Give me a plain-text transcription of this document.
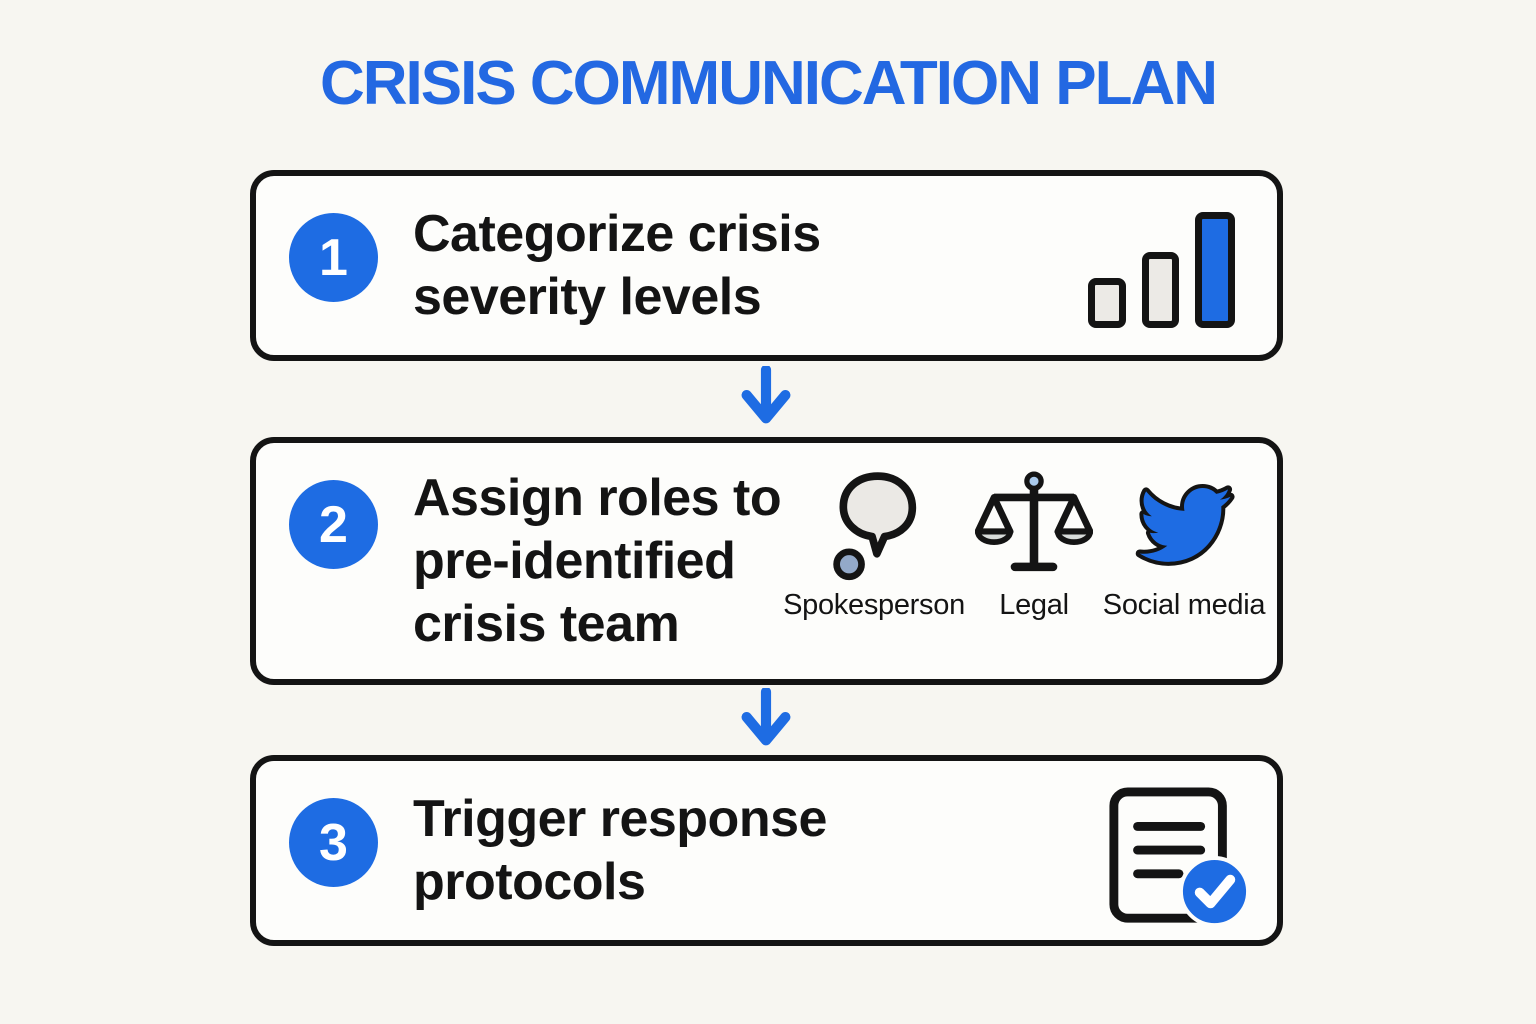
CRISIS COMMUNICATION PLAN
1 Categorize crisis
severity levels
2 Assign roles to
pre-identified
crisis team	Spokesperson Legal Social media
3 Trigger response
protocols
